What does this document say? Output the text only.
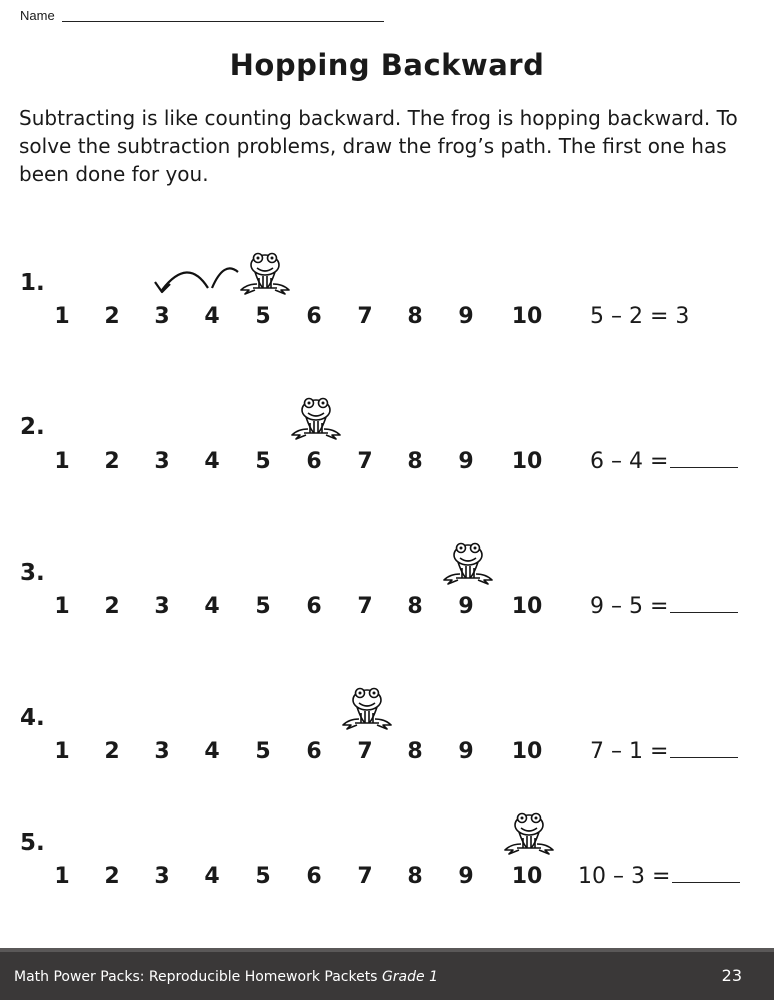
Name
Hopping Backward
Subtracting is like counting backward. The frog is hopping backward. To solve the subtraction problems, draw the frog’s path. The first one has been done for you.
1.
1	2	3	4	5	6	7	8	9	10 5 – 2 = 3
2.
1	2	3	4	5	6	7	8	9	10 6 – 4 =
3.
1	2	3	4	5	6	7	8	9	10 9 – 5 =
4.
1	2	3	4	5	6	7	8	9	10 7 – 1 =
5.
1	2	3	4	5	6	7	8	9	10 10 – 3 =
Math Power Packs: Reproducible Homework Packets Grade 1	23
